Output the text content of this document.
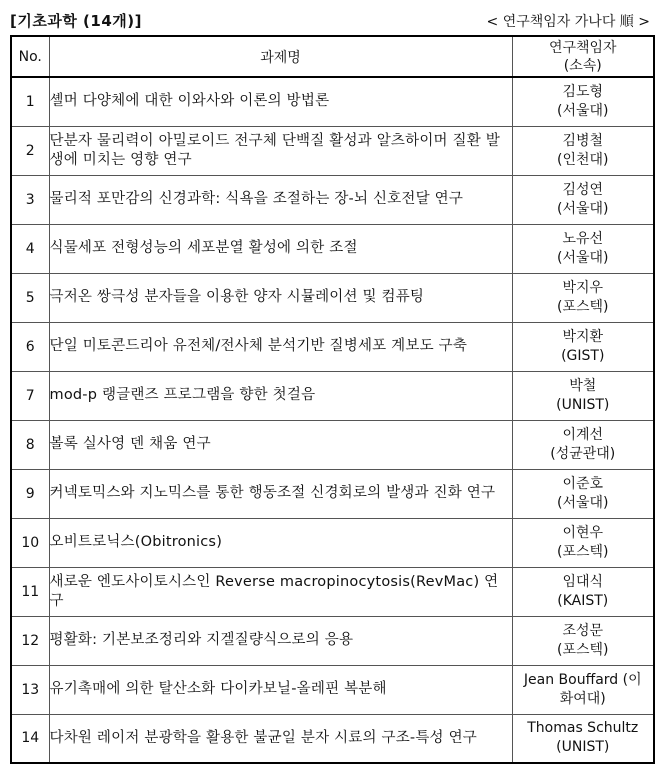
[기초과학 (14개)]	< 연구책임자 가나다 順 >
No.	과제명	연구책임자
(소속)

1	셸머 다양체에 대한 이와사와 이론의 방법론	김도형
(서울대)

2	단분자 물리력이 아밀로이드 전구체 단백질 활성과 알츠하이머 질환 발생에 미치는 영향 연구	김병철
(인천대)

3	물리적 포만감의 신경과학: 식욕을 조절하는 장-뇌 신호전달 연구	김성연
(서울대)

4	식물세포 전형성능의 세포분열 활성에 의한 조절	노유선
(서울대)

5	극저온 쌍극성 분자들을 이용한 양자 시뮬레이션 및 컴퓨팅	박지우
(포스텍)

6	단일 미토콘드리아 유전체/전사체 분석기반 질병세포 계보도 구축	박지환
(GIST)

7	mod-p 랭글랜즈 프로그램을 향한 첫걸음	박철
(UNIST)

8	볼록 실사영 덴 채움 연구	이계선
(성균관대)

9	커넥토믹스와 지노믹스를 통한 행동조절 신경회로의 발생과 진화 연구	이준호
(서울대)

10	오비트로닉스(Obitronics)	이현우
(포스텍)

11	새로운 엔도사이토시스인 Reverse macropinocytosis(RevMac) 연구	임대식
(KAIST)

12	평활화: 기본보조정리와 지겔질량식으로의 응용	조성문
(포스텍)

13	유기촉매에 의한 탈산소화 다이카보닐-올레핀 복분해	Jean Bouffard (이
화여대)

14	다차원 레이저 분광학을 활용한 불균일 분자 시료의 구조-특성 연구	Thomas Schultz
(UNIST)
